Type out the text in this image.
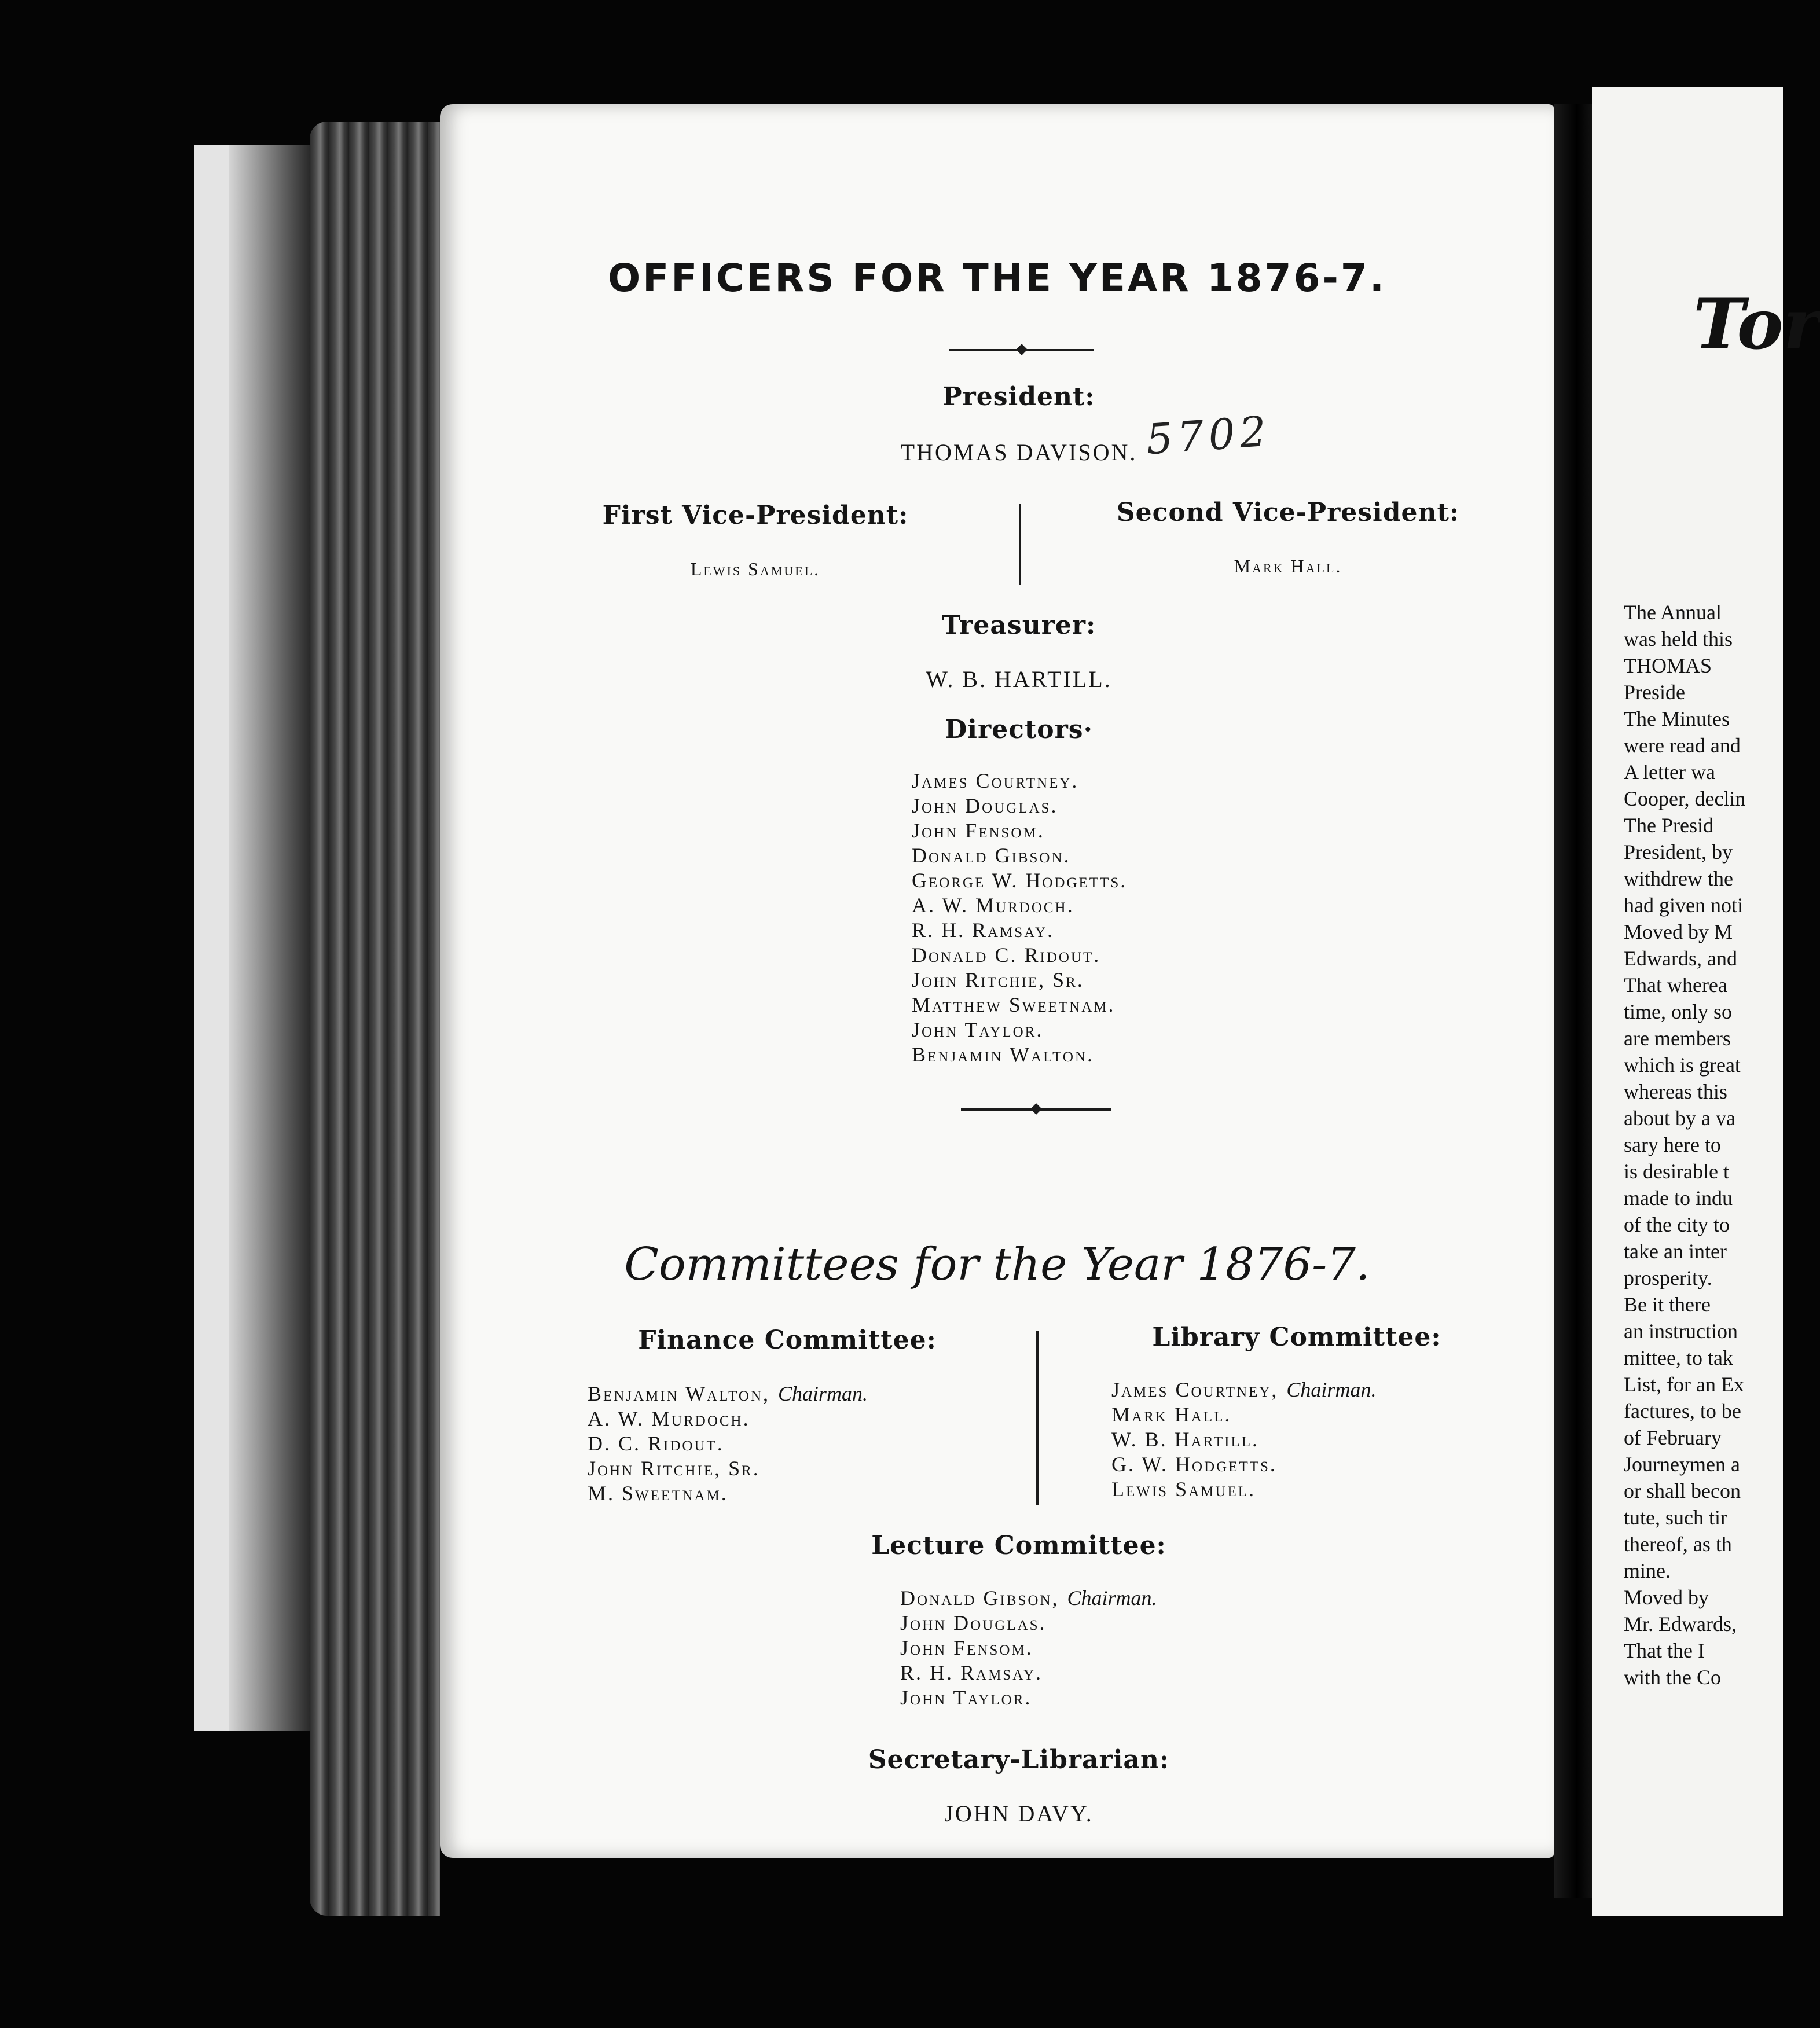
OFFICERS FOR THE YEAR 1876-7.
President:
THOMAS DAVISON.
First Vice-President:
Lewis Samuel.
Second Vice-President:
Mark Hall.
Treasurer:
W. B. HARTILL.
Directors·
James Courtney.
John Douglas.
John Fensom.
Donald Gibson.
George W. Hodgetts.
A. W. Murdoch.
R. H. Ramsay.
Donald C. Ridout.
John Ritchie, Sr.
Matthew Sweetnam.
John Taylor.
Benjamin Walton.
5702
Committees for the Year 1876-7.
Finance Committee:
Benjamin Walton, Chairman.
A. W. Murdoch.
D. C. Ridout.
John Ritchie, Sr.
M. Sweetnam.
Library Committee:
James Courtney, Chairman.
Mark Hall.
W. B. Hartill.
G. W. Hodgetts.
Lewis Samuel.
Lecture Committee:
Donald Gibson, Chairman.
John Douglas.
John Fensom.
R. H. Ramsay.
John Taylor.
Secretary-Librarian:
JOHN DAVY.
Tor
The Annual
was held this
THOMAS
Preside
The Minutes
were read and
A letter wa
Cooper, declin
The Presid
President, by
withdrew the
had given noti
Moved by M
Edwards, and
That wherea
time, only so
are members
which is great
whereas this
about by a va
sary here to
is desirable t
made to indu
of the city to
take an inter
prosperity.
Be it there
an instruction
mittee, to tak
List, for an Ex
factures, to be
of February
Journeymen a
or shall becon
tute, such tir
thereof, as th
mine.
Moved by
Mr. Edwards,
That the I
with the Co
